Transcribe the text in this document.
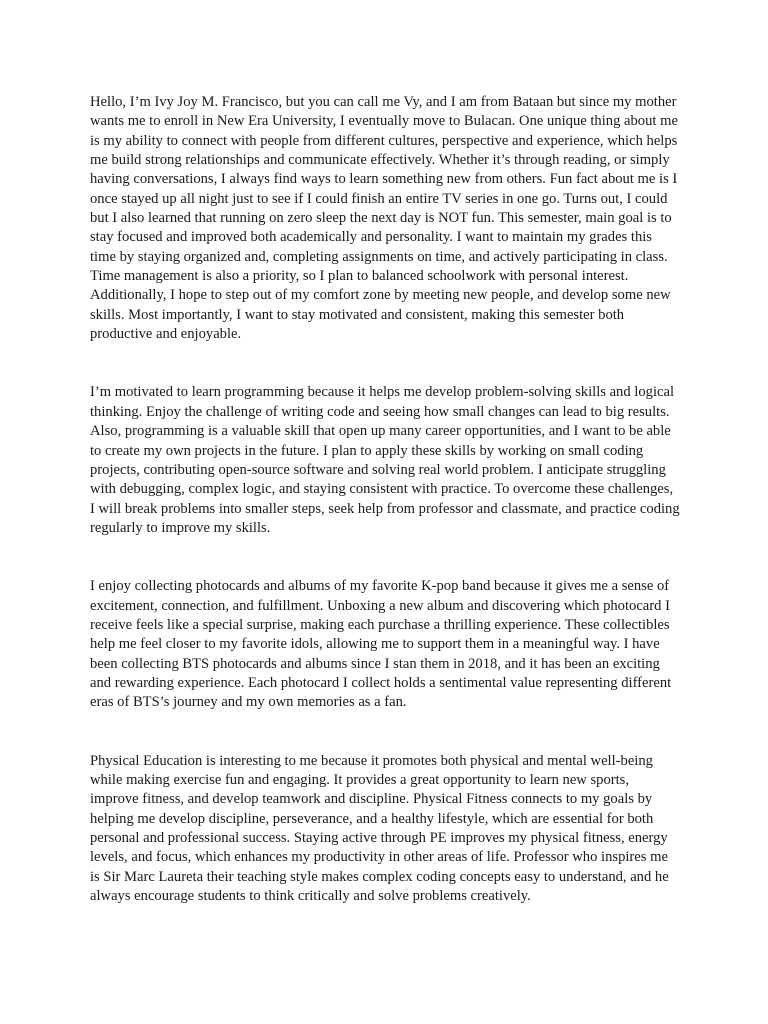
Hello, I’m Ivy Joy M. Francisco, but you can call me Vy, and I am from Bataan but since my mother wants me to enroll in New Era University, I eventually move to Bulacan. One unique thing about me is my ability to connect with people from different cultures, perspective and experience, which helps me build strong relationships and communicate effectively. Whether it’s through reading, or simply having conversations, I always find ways to learn something new from others. Fun fact about me is I once stayed up all night just to see if I could finish an entire TV series in one go. Turns out, I could but I also learned that running on zero sleep the next day is NOT fun. This semester, main goal is to stay focused and improved both academically and personality. I want to maintain my grades this time by staying organized and, completing assignments on time, and actively participating in class. Time management is also a priority, so I plan to balanced schoolwork with personal interest. Additionally, I hope to step out of my comfort zone by meeting new people, and develop some new skills. Most importantly, I want to stay motivated and consistent, making this semester both productive and enjoyable.

I’m motivated to learn programming because it helps me develop problem-solving skills and logical thinking. Enjoy the challenge of writing code and seeing how small changes can lead to big results. Also, programming is a valuable skill that open up many career opportunities, and I want to be able to create my own projects in the future. I plan to apply these skills by working on small coding projects, contributing open-source software and solving real world problem. I anticipate struggling with debugging, complex logic, and staying consistent with practice. To overcome these challenges, I will break problems into smaller steps, seek help from professor and classmate, and practice coding regularly to improve my skills.

I enjoy collecting photocards and albums of my favorite K-pop band because it gives me a sense of excitement, connection, and fulfillment. Unboxing a new album and discovering which photocard I receive feels like a special surprise, making each purchase a thrilling experience. These collectibles help me feel closer to my favorite idols, allowing me to support them in a meaningful way. I have been collecting BTS photocards and albums since I stan them in 2018, and it has been an exciting and rewarding experience. Each photocard I collect holds a sentimental value representing different eras of BTS’s journey and my own memories as a fan.

Physical Education is interesting to me because it promotes both physical and mental well-being while making exercise fun and engaging. It provides a great opportunity to learn new sports, improve fitness, and develop teamwork and discipline. Physical Fitness connects to my goals by helping me develop discipline, perseverance, and a healthy lifestyle, which are essential for both personal and professional success. Staying active through PE improves my physical fitness, energy levels, and focus, which enhances my productivity in other areas of life. Professor who inspires me is Sir Marc Laureta their teaching style makes complex coding concepts easy to understand, and he always encourage students to think critically and solve problems creatively.
